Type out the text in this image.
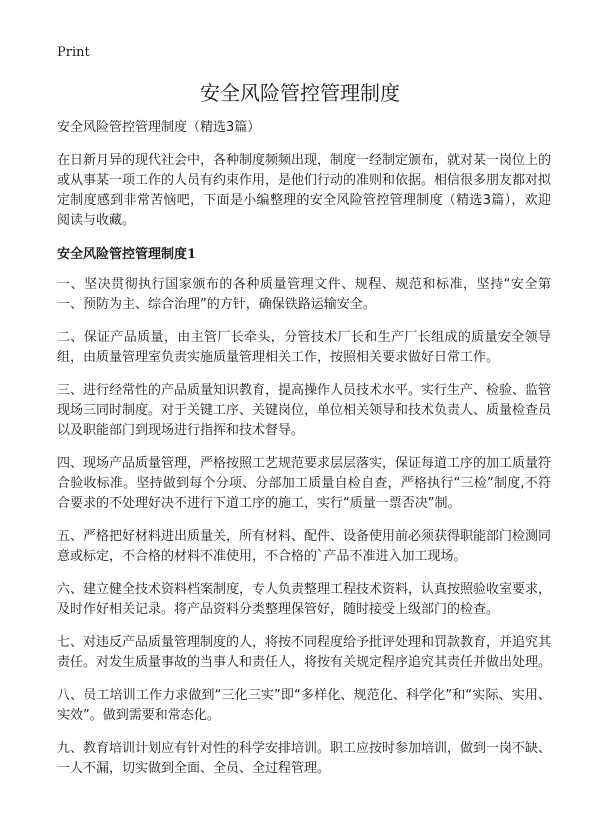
Print
安全风险管控管理制度

安全风险管控管理制度（精选3篇）

在日新月异的现代社会中，各种制度频频出现，制度一经制定颁布，就对某一岗位上的或从事某一项工作的人员有约束作用，是他们行动的准则和依据。相信很多朋友都对拟定制度感到非常苦恼吧，下面是小编整理的安全风险管控管理制度（精选3篇），欢迎阅读与收藏。

安全风险管控管理制度1

一、坚决贯彻执行国家颁布的各种质量管理文件、规程、规范和标准，坚持“安全第一、预防为主、综合治理”的方针，确保铁路运输安全。

二、保证产品质量，由主管厂长牵头，分管技术厂长和生产厂长组成的质量安全领导组，由质量管理室负责实施质量管理相关工作，按照相关要求做好日常工作。

三、进行经常性的产品质量知识教育，提高操作人员技术水平。实行生产、检验、监管现场三同时制度。对于关键工序、关键岗位，单位相关领导和技术负责人、质量检查员以及职能部门到现场进行指挥和技术督导。

四、现场产品质量管理，严格按照工艺规范要求层层落实，保证每道工序的加工质量符合验收标准。坚持做到每个分项、分部加工质量自检自查，严格执行“三检”制度,不符合要求的不处理好决不进行下道工序的施工，实行“质量一票否决”制。

五、严格把好材料进出质量关，所有材料、配件、设备使用前必须获得职能部门检测同意或标定，不合格的材料不准使用，不合格的`产品不准进入加工现场。

六、建立健全技术资料档案制度，专人负责整理工程技术资料，认真按照验收室要求，及时作好相关记录。将产品资料分类整理保管好，随时接受上级部门的检查。

七、对违反产品质量管理制度的人，将按不同程度给予批评处理和罚款教育，并追究其责任。对发生质量事故的当事人和责任人，将按有关规定程序追究其责任并做出处理。

八、员工培训工作力求做到“三化三实”即“多样化、规范化、科学化”和“实际、实用、实效”。做到需要和常态化。

九、教育培训计划应有针对性的科学安排培训。职工应按时参加培训，做到一岗不缺、一人不漏，切实做到全面、全员、全过程管理。
